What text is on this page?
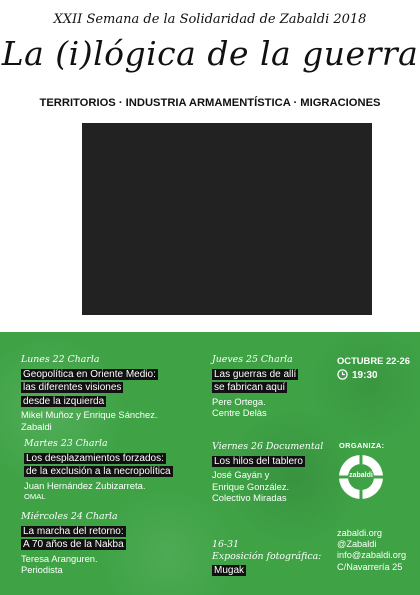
XXII Semana de la Solidaridad de Zabaldi 2018
La (i)lógica de la guerra
TERRITORIOS · INDUSTRIA ARMAMENTÍSTICA · MIGRACIONES
Lunes 22 Charla
Geopolítica en Oriente Medio:
las diferentes visiones
desde la izquierda
Mikel Muñoz y Enrique Sánchez.
Zabaldi
Martes 23 Charla
Los desplazamientos forzados:
de la exclusión a la necropolítica
Juan Hernández Zubizarreta.
OMAL
Miércoles 24 Charla
La marcha del retorno:
A 70 años de la Nakba
Teresa Aranguren.
Periodista
Jueves 25 Charla
Las guerras de allí
se fabrican aquí
Pere Ortega.
Centre Delàs
Viernes 26 Documental
Los hilos del tablero
José Gayán y
Enrique González.
Colectivo Miradas
16-31
Exposición fotográfica:
Mugak
OCTUBRE 22-26
19:30
ORGANIZA:
zabaldi
zabaldi.org
@Zabaldi
info@zabaldi.org
C/Navarrería 25
